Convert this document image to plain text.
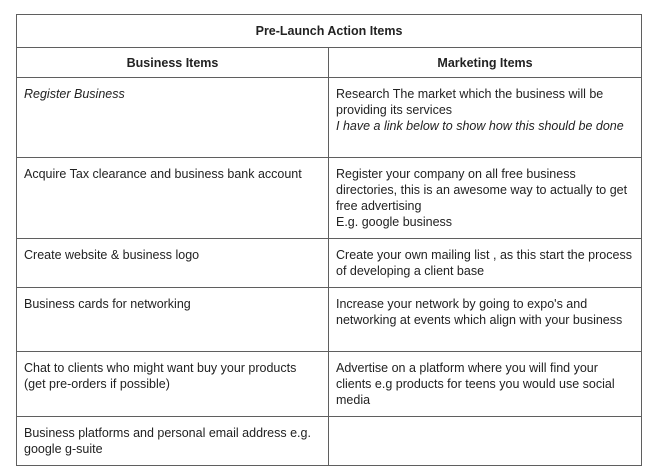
Pre-Launch Action Items	
Business Items	Marketing Items

Register Business	Research The market which the business will be providing its services
I have a link below to show how this should be done

Acquire Tax clearance and business bank account	Register your company on all free business directories, this is an awesome way to actually to get free advertising
E.g. google business

Create website & business logo	Create your own mailing list , as this start the process of developing a client base

Business cards for networking	Increase your network by going to expo's and networking at events which align with your business

Chat to clients who might want buy your products (get pre-orders if possible)	Advertise on a platform where you will find your clients e.g products for teens you would use social media

Business platforms and personal email address e.g. google g-suite	
